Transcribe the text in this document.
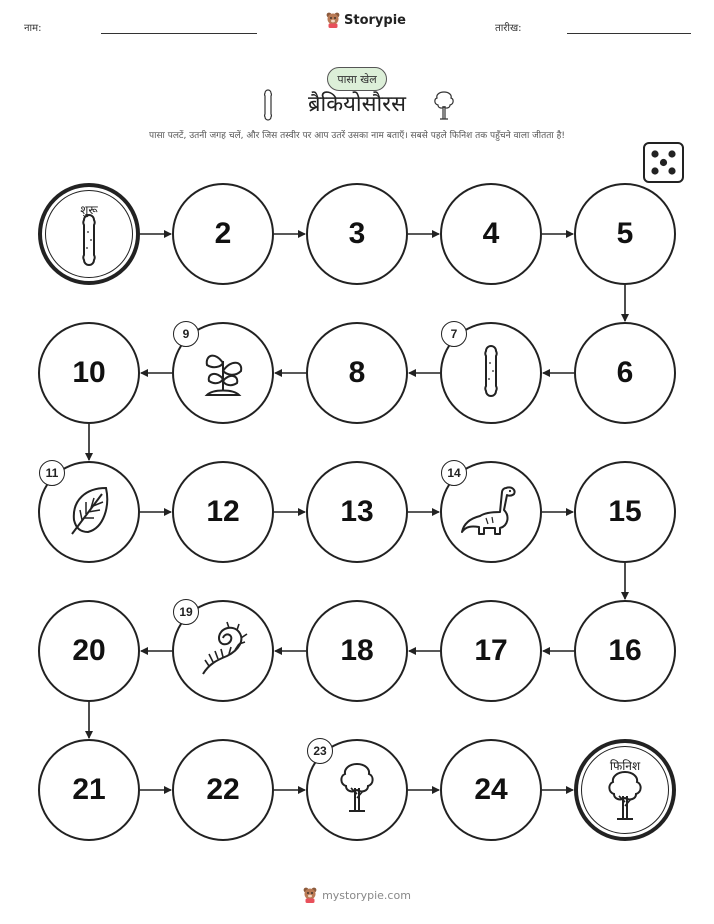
नाम:	तारीख:
Storypie
पासा खेल
ब्रैकियोसौरस
पासा पलटें, उतनी जगह चलें, और जिस तस्वीर पर आप उतरें उसका नाम बताएँ। सबसे पहले फिनिश तक पहुँचने वाला जीतता है!
शुरू
2	3	4	5
6
7
8
9
10
11
12	13
14
15
16
17
18
19
20
21	22
23
24
फिनिश
mystorypie.com
